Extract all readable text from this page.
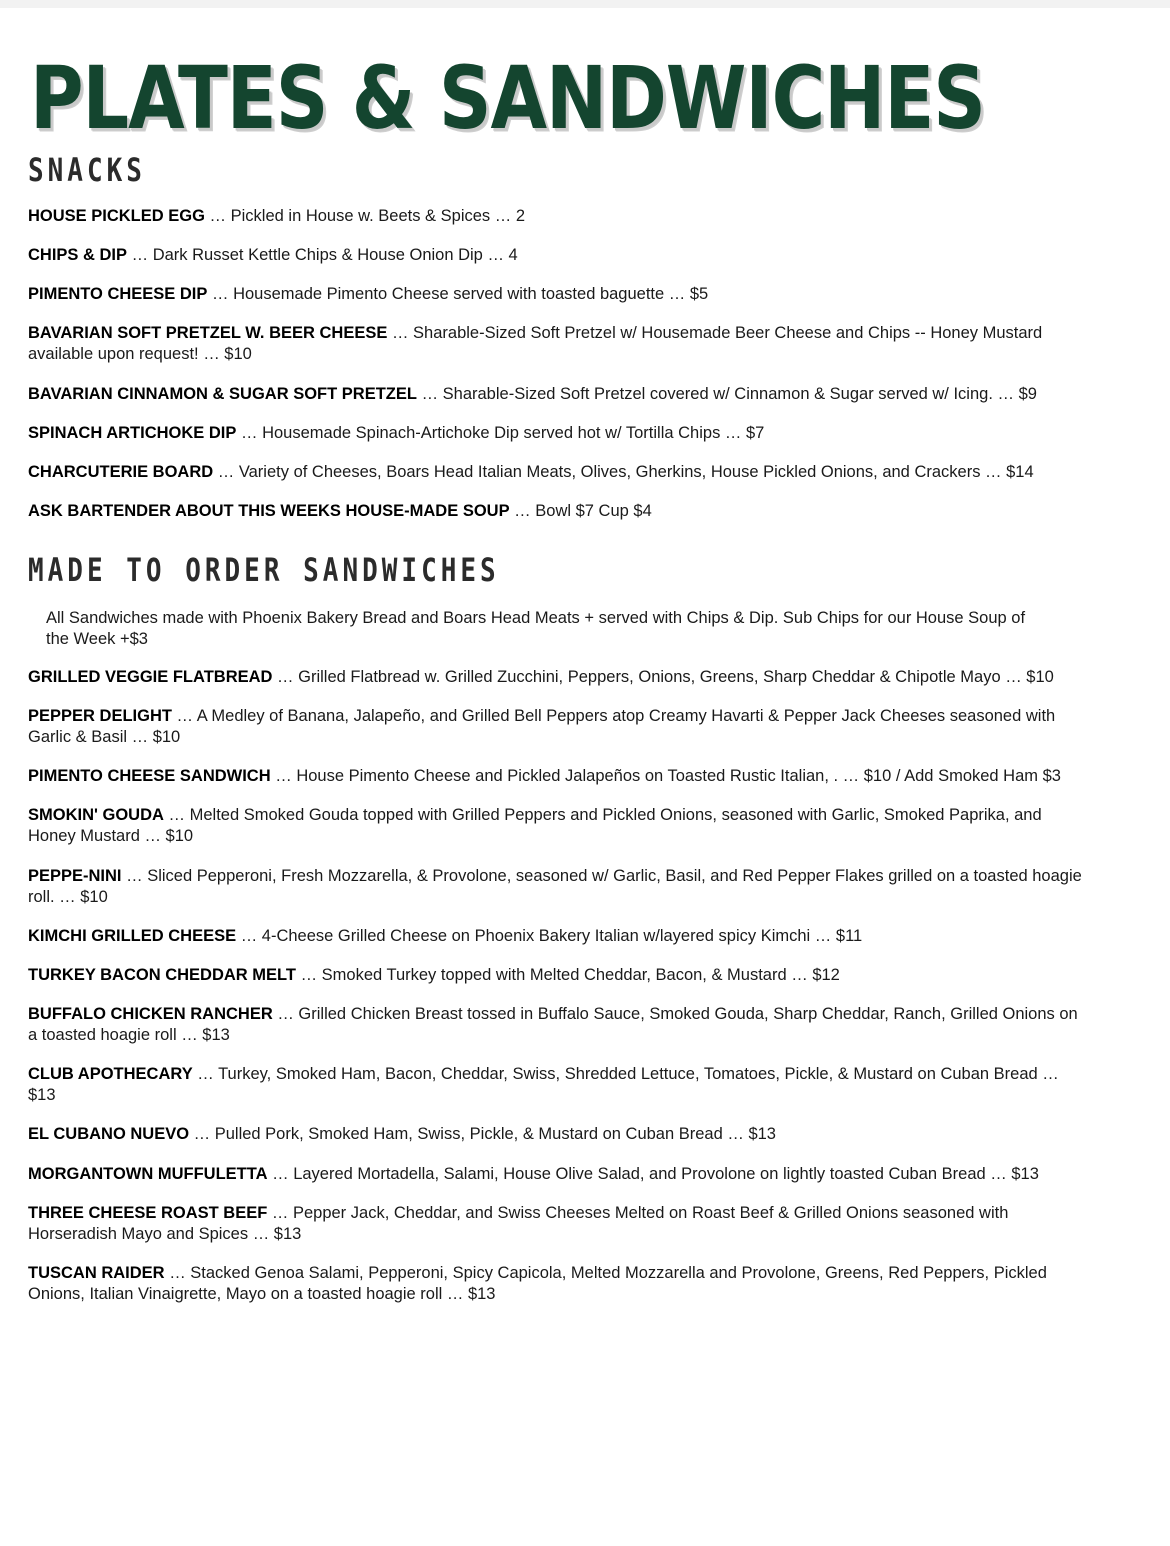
PLATES & SANDWICHES
SNACKS
HOUSE PICKLED EGG … Pickled in House w. Beets & Spices … 2
CHIPS & DIP … Dark Russet Kettle Chips & House Onion Dip … 4
PIMENTO CHEESE DIP … Housemade Pimento Cheese served with toasted baguette … $5
BAVARIAN SOFT PRETZEL W. BEER CHEESE … Sharable-Sized Soft Pretzel w/ Housemade Beer Cheese and Chips -- Honey Mustard available upon request! … $10
BAVARIAN CINNAMON & SUGAR SOFT PRETZEL … Sharable-Sized Soft Pretzel covered w/ Cinnamon & Sugar served w/ Icing. … $9
SPINACH ARTICHOKE DIP … Housemade Spinach-Artichoke Dip served hot w/ Tortilla Chips … $7
CHARCUTERIE BOARD … Variety of Cheeses, Boars Head Italian Meats, Olives, Gherkins, House Pickled Onions, and Crackers … $14
ASK BARTENDER ABOUT THIS WEEKS HOUSE-MADE SOUP … Bowl $7 Cup $4
MADE TO ORDER SANDWICHES

All Sandwiches made with Phoenix Bakery Bread and Boars Head Meats + served with Chips & Dip. Sub Chips for our House Soup of the Week +$3

GRILLED VEGGIE FLATBREAD … Grilled Flatbread w. Grilled Zucchini, Peppers, Onions, Greens, Sharp Cheddar & Chipotle Mayo … $10
PEPPER DELIGHT … A Medley of Banana, Jalapeño, and Grilled Bell Peppers atop Creamy Havarti & Pepper Jack Cheeses seasoned with Garlic & Basil … $10
PIMENTO CHEESE SANDWICH … House Pimento Cheese and Pickled Jalapeños on Toasted Rustic Italian, . … $10 / Add Smoked Ham $3
SMOKIN' GOUDA … Melted Smoked Gouda topped with Grilled Peppers and Pickled Onions, seasoned with Garlic, Smoked Paprika, and Honey Mustard … $10
PEPPE-NINI … Sliced Pepperoni, Fresh Mozzarella, & Provolone, seasoned w/ Garlic, Basil, and Red Pepper Flakes grilled on a toasted hoagie roll. … $10
KIMCHI GRILLED CHEESE … 4-Cheese Grilled Cheese on Phoenix Bakery Italian w/layered spicy Kimchi … $11
TURKEY BACON CHEDDAR MELT … Smoked Turkey topped with Melted Cheddar, Bacon, & Mustard … $12
BUFFALO CHICKEN RANCHER … Grilled Chicken Breast tossed in Buffalo Sauce, Smoked Gouda, Sharp Cheddar, Ranch, Grilled Onions on a toasted hoagie roll … $13
CLUB APOTHECARY … Turkey, Smoked Ham, Bacon, Cheddar, Swiss, Shredded Lettuce, Tomatoes, Pickle, & Mustard on Cuban Bread … $13
EL CUBANO NUEVO … Pulled Pork, Smoked Ham, Swiss, Pickle, & Mustard on Cuban Bread … $13
MORGANTOWN MUFFULETTA … Layered Mortadella, Salami, House Olive Salad, and Provolone on lightly toasted Cuban Bread … $13
THREE CHEESE ROAST BEEF … Pepper Jack, Cheddar, and Swiss Cheeses Melted on Roast Beef & Grilled Onions seasoned with Horseradish Mayo and Spices … $13
TUSCAN RAIDER … Stacked Genoa Salami, Pepperoni, Spicy Capicola, Melted Mozzarella and Provolone, Greens, Red Peppers, Pickled Onions, Italian Vinaigrette, Mayo on a toasted hoagie roll … $13
